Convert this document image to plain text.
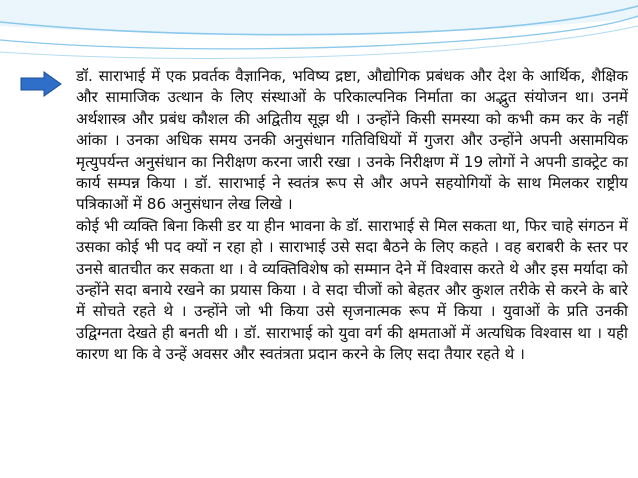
डॉ. साराभाई में एक प्रवर्तक वैज्ञानिक, भविष्य द्रष्टा, औद्योगिक प्रबंधक और देश के आर्थिक, शैक्षिक और सामाजिक उत्थान के लिए संस्थाओं के परिकाल्पनिक निर्माता का अद्भुत संयोजन था। उनमें अर्थशास्त्र और प्रबंध कौशल की अद्वितीय सूझ थी । उन्होंने किसी समस्या को कभी कम कर के नहीं आंका । उनका अधिक समय उनकी अनुसंधान गतिविधियों में गुजरा और उन्होंने अपनी असामयिक मृत्युपर्यन्त अनुसंधान का निरीक्षण करना जारी रखा । उनके निरीक्षण में 19 लोगों ने अपनी डाक्ट्रेट का कार्य सम्पन्न किया । डॉ. साराभाई ने स्वतंत्र रूप से और अपने सहयोगियों के साथ मिलकर राष्ट्रीय पत्रिकाओं में 86 अनुसंधान लेख लिखे ।

कोई भी व्यक्ति बिना किसी डर या हीन भावना के डॉ. साराभाई से मिल सकता था, फिर चाहे संगठन में उसका कोई भी पद क्यों न रहा हो । साराभाई उसे सदा बैठने के लिए कहते । वह बराबरी के स्तर पर उनसे बातचीत कर सकता था । वे व्यक्तिविशेष को सम्मान देने में विश्वास करते थे और इस मर्यादा को उन्होंने सदा बनाये रखने का प्रयास किया । वे सदा चीजों को बेहतर और कुशल तरीके से करने के बारे में सोचते रहते थे । उन्होंने जो भी किया उसे सृजनात्मक रूप में किया । युवाओं के प्रति उनकी उद्विग्नता देखते ही बनती थी । डॉ. साराभाई को युवा वर्ग की क्षमताओं में अत्यधिक विश्वास था । यही कारण था कि वे उन्हें अवसर और स्वतंत्रता प्रदान करने के लिए सदा तैयार रहते थे ।
